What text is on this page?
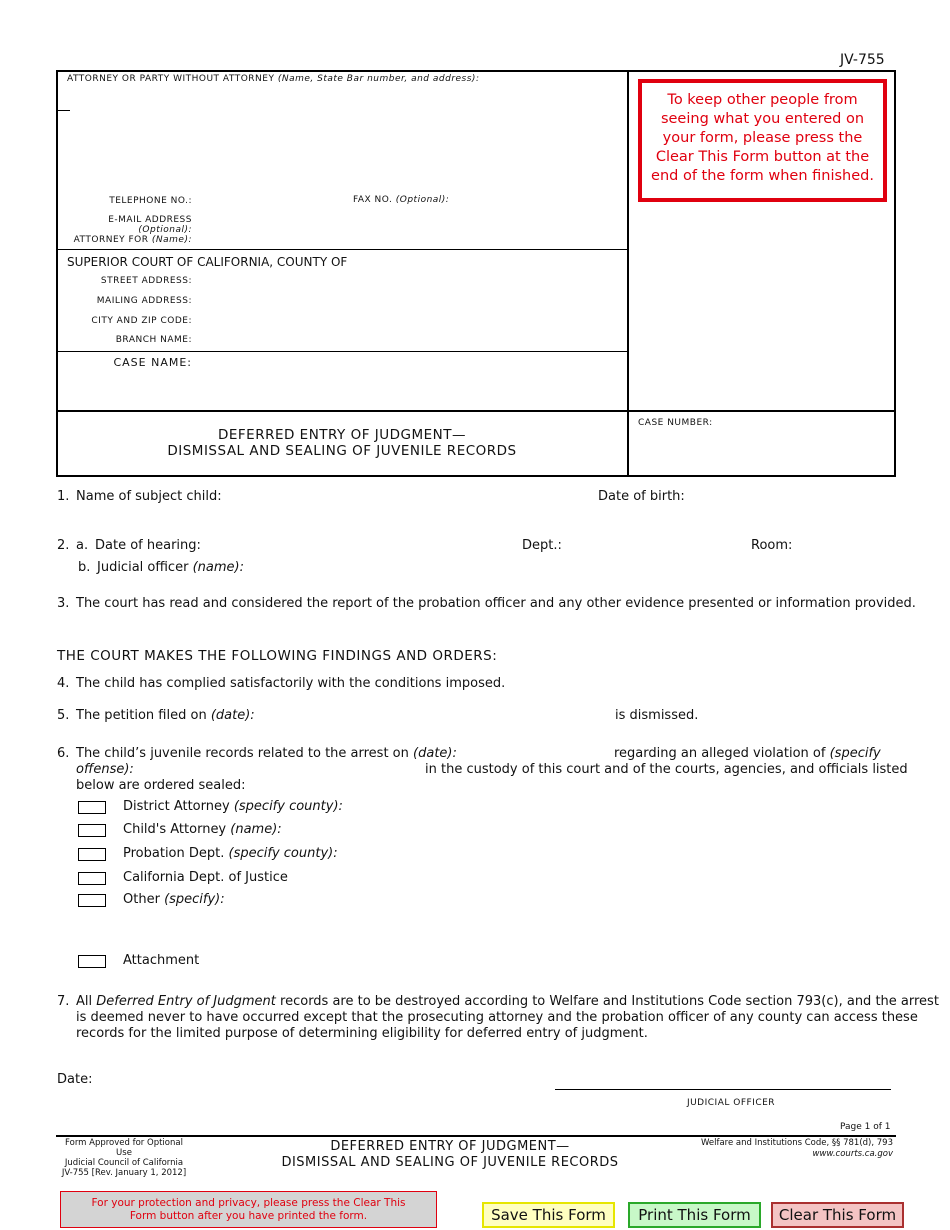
JV-755
ATTORNEY OR PARTY WITHOUT ATTORNEY (Name, State Bar number, and address):
TELEPHONE NO.:	FAX NO. (Optional):
E-MAIL ADDRESS (Optional):
ATTORNEY FOR (Name):
SUPERIOR COURT OF CALIFORNIA, COUNTY OF
STREET ADDRESS:
MAILING ADDRESS:
CITY AND ZIP CODE:
BRANCH NAME:
CASE NAME:
DEFERRED ENTRY OF JUDGMENT—
DISMISSAL AND SEALING OF JUVENILE RECORDS
CASE NUMBER:
To keep other people from seeing what you entered on your form, please press the Clear This Form button at the end of the form when finished.
1. Name of subject child:	Date of birth:
2. a. Date of hearing:	Dept.:	Room:
b. Judicial officer (name):
3. The court has read and considered the report of the probation officer and any other evidence presented or information provided.
THE COURT MAKES THE FOLLOWING FINDINGS AND ORDERS:
4. The child has complied satisfactorily with the conditions imposed.
5. The petition filed on (date):	is dismissed.
6. The child’s juvenile records related to the arrest on (date):	regarding an alleged violation of (specify
offense):	in the custody of this court and of the courts, agencies, and officials listed
below are ordered sealed:
District Attorney (specify county):
Child's Attorney (name):
Probation Dept. (specify county):
California Dept. of Justice
Other (specify):
Attachment
7. All Deferred Entry of Judgment records are to be destroyed according to Welfare and Institutions Code section 793(c), and the arrest
is deemed never to have occurred except that the prosecuting attorney and the probation officer of any county can access these
records for the limited purpose of determining eligibility for deferred entry of judgment.
Date:
JUDICIAL OFFICER
Page 1 of 1
Form Approved for Optional Use
Judicial Council of California
JV-755 [Rev. January 1, 2012]
DEFERRED ENTRY OF JUDGMENT—
DISMISSAL AND SEALING OF JUVENILE RECORDS
Welfare and Institutions Code, §§ 781(d), 793
www.courts.ca.gov
For your protection and privacy, please press the Clear This Form button after you have printed the form.	Save This Form	Print This Form	Clear This Form
